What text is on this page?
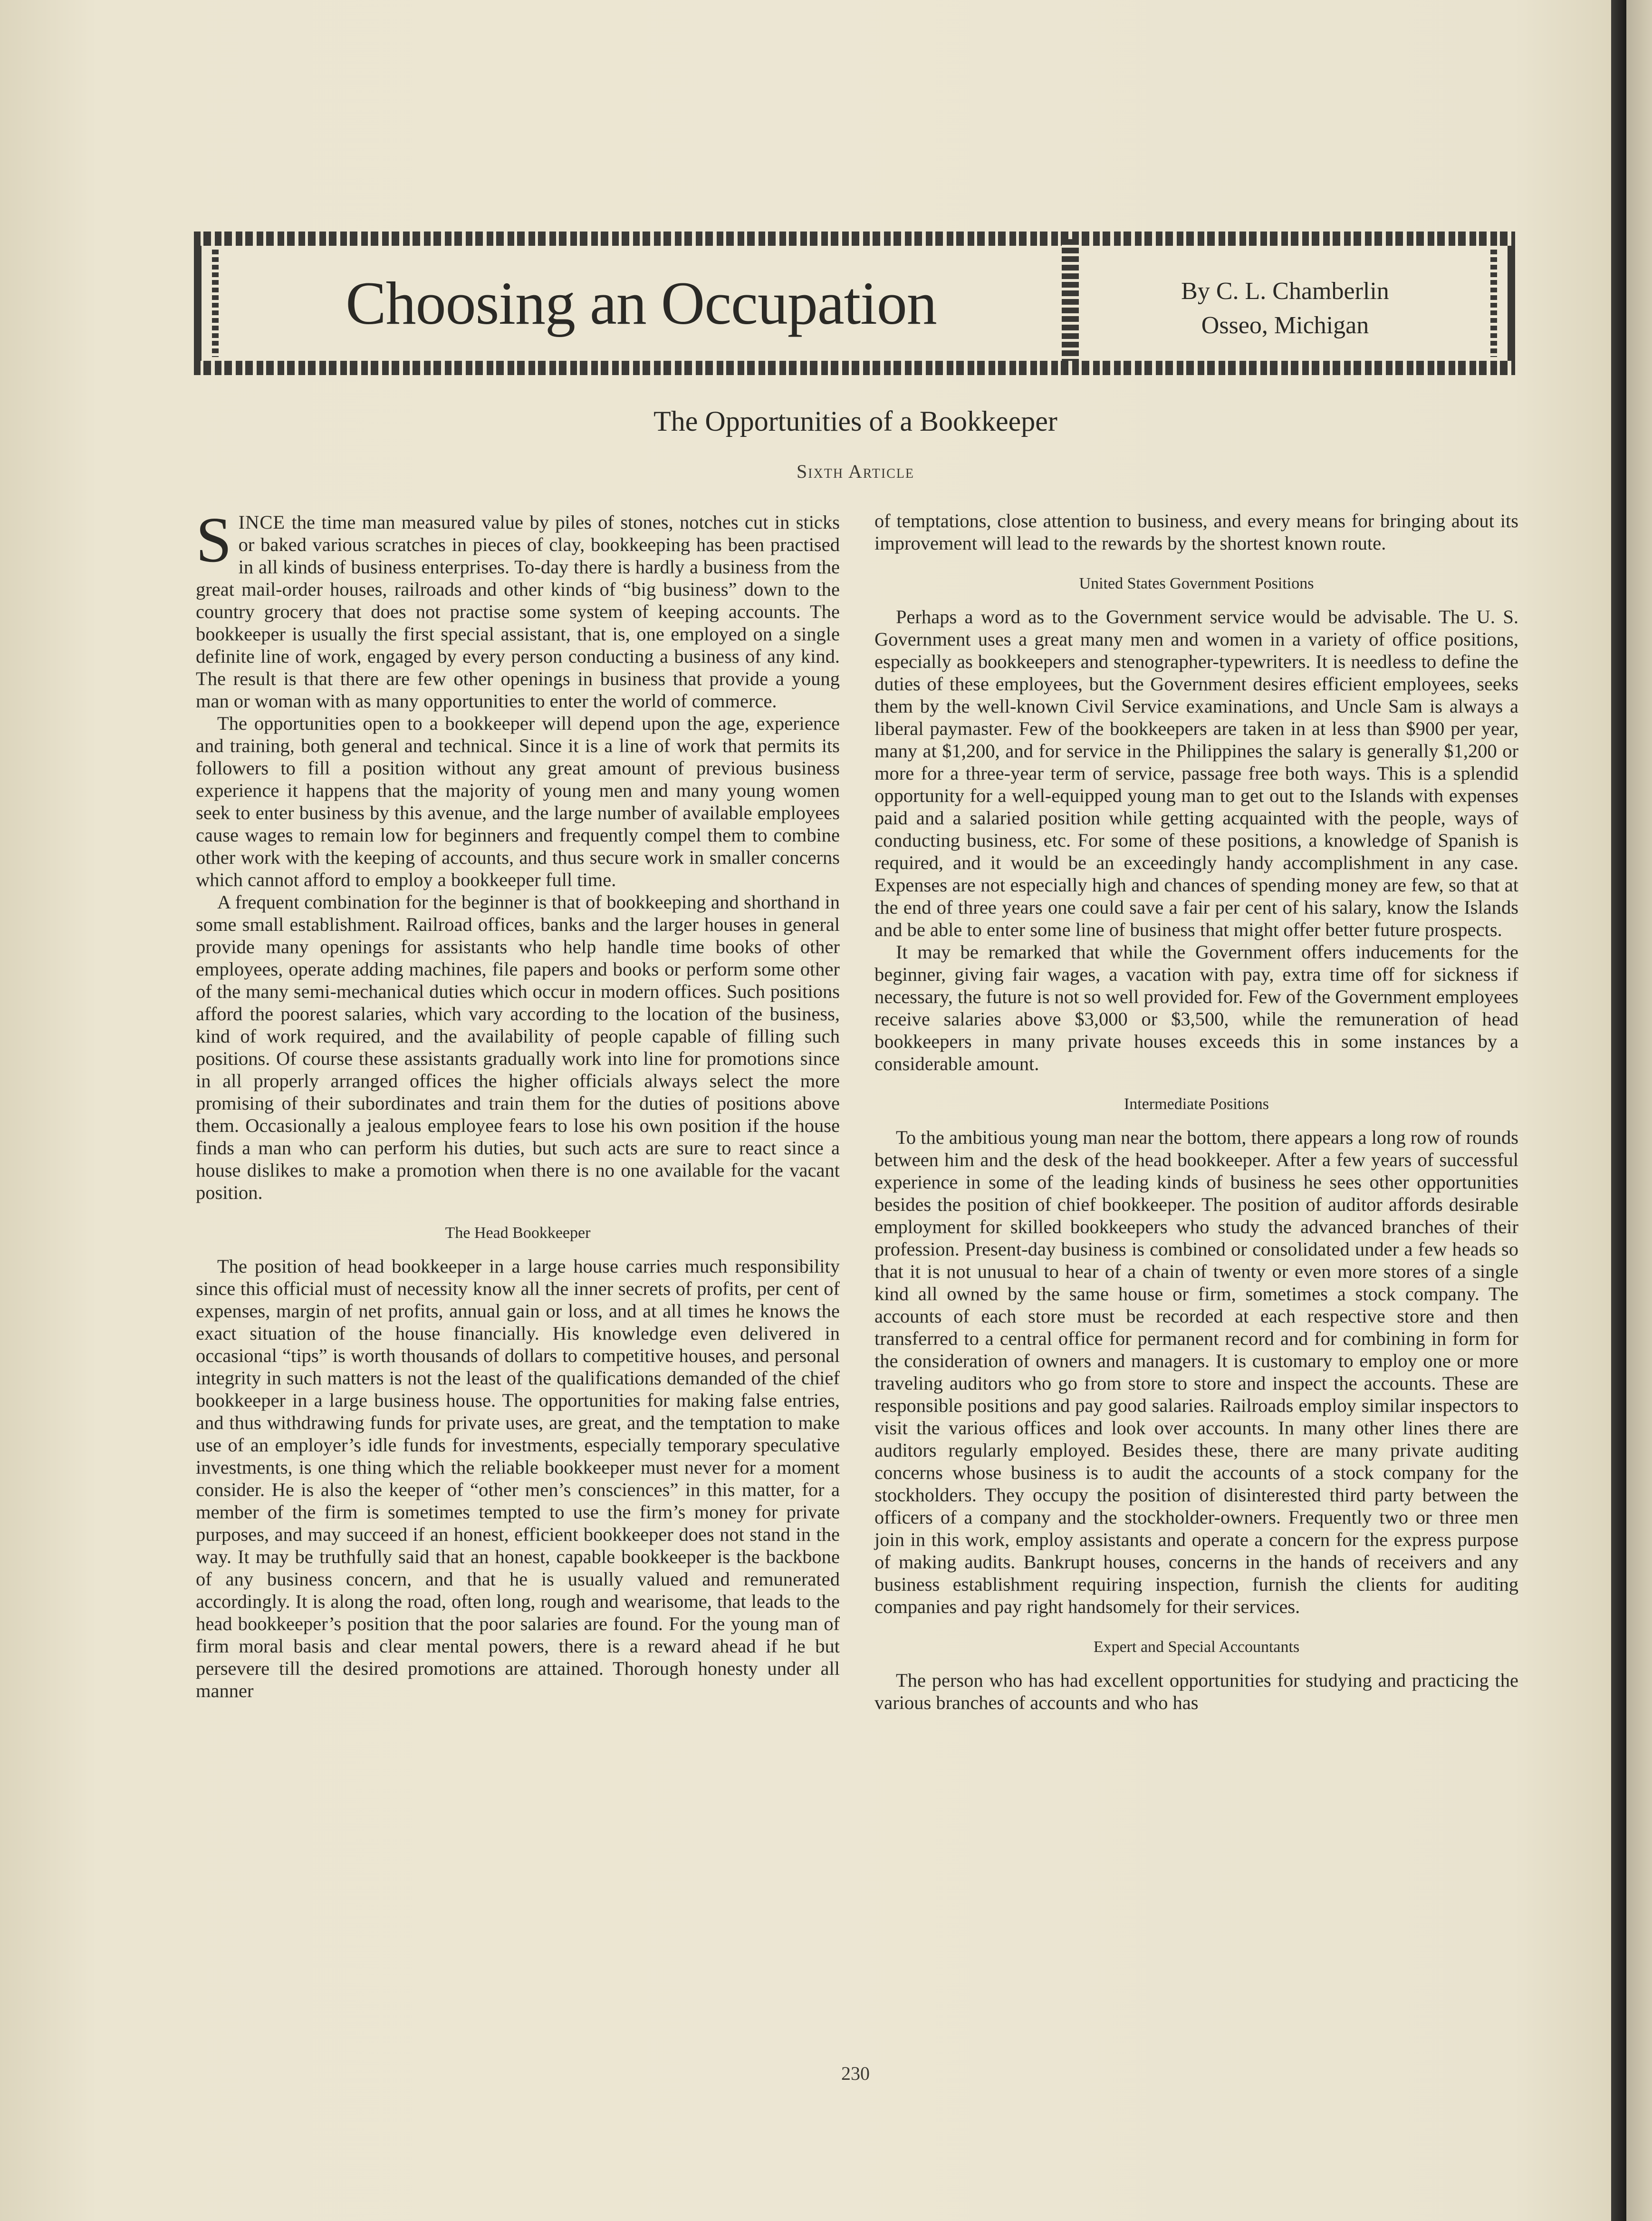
Choosing an Occupation	By C. L. Chamberlin
Osseo, Michigan
The Opportunities of a Bookkeeper
Sixth Article

SINCE the time man measured value by piles of stones, notches cut in sticks or baked various scratches in pieces of clay, bookkeeping has been practised in all kinds of business enterprises. To-day there is hardly a business from the great mail-order houses, railroads and other kinds of “big business” down to the country grocery that does not practise some system of keeping accounts. The bookkeeper is usually the first special assistant, that is, one employed on a single definite line of work, engaged by every person conducting a business of any kind. The result is that there are few other openings in business that provide a young man or woman with as many opportunities to enter the world of commerce.

The opportunities open to a bookkeeper will depend upon the age, experience and training, both general and technical. Since it is a line of work that permits its followers to fill a position without any great amount of previous business experience it happens that the majority of young men and many young women seek to enter business by this avenue, and the large number of available employees cause wages to remain low for beginners and frequently compel them to combine other work with the keeping of accounts, and thus secure work in smaller concerns which cannot afford to employ a bookkeeper full time.

A frequent combination for the beginner is that of bookkeeping and shorthand in some small establishment. Railroad offices, banks and the larger houses in general provide many openings for assistants who help handle time books of other employees, operate adding machines, file papers and books or perform some other of the many semi-mechanical duties which occur in modern offices. Such positions afford the poorest salaries, which vary according to the location of the business, kind of work required, and the availability of people capable of filling such positions. Of course these assistants gradually work into line for promotions since in all properly arranged offices the higher officials always select the more promising of their subordinates and train them for the duties of positions above them. Occasionally a jealous employee fears to lose his own position if the house finds a man who can perform his duties, but such acts are sure to react since a house dislikes to make a promotion when there is no one available for the vacant position.

The Head Bookkeeper

The position of head bookkeeper in a large house carries much responsibility since this official must of necessity know all the inner secrets of profits, per cent of expenses, margin of net profits, annual gain or loss, and at all times he knows the exact situation of the house financially. His knowledge even delivered in occasional “tips” is worth thousands of dollars to competitive houses, and personal integrity in such matters is not the least of the qualifications demanded of the chief bookkeeper in a large business house. The opportunities for making false entries, and thus withdrawing funds for private uses, are great, and the temptation to make use of an employer’s idle funds for investments, especially temporary speculative investments, is one thing which the reliable bookkeeper must never for a moment consider. He is also the keeper of “other men’s consciences” in this matter, for a member of the firm is sometimes tempted to use the firm’s money for private purposes, and may succeed if an honest, efficient bookkeeper does not stand in the way. It may be truthfully said that an honest, capable bookkeeper is the backbone of any business concern, and that he is usually valued and remunerated accordingly. It is along the road, often long, rough and wearisome, that leads to the head bookkeeper’s position that the poor salaries are found. For the young man of firm moral basis and clear mental powers, there is a reward ahead if he but persevere till the desired promotions are attained. Thorough honesty under all manner

of temptations, close attention to business, and every means for bringing about its improvement will lead to the rewards by the shortest known route.

United States Government Positions

Perhaps a word as to the Government service would be advisable. The U. S. Government uses a great many men and women in a variety of office positions, especially as bookkeepers and stenographer-typewriters. It is needless to define the duties of these employees, but the Government desires efficient employees, seeks them by the well-known Civil Service examinations, and Uncle Sam is always a liberal paymaster. Few of the bookkeepers are taken in at less than $900 per year, many at $1,200, and for service in the Philippines the salary is generally $1,200 or more for a three-year term of service, passage free both ways. This is a splendid opportunity for a well-equipped young man to get out to the Islands with expenses paid and a salaried position while getting acquainted with the people, ways of conducting business, etc. For some of these positions, a knowledge of Spanish is required, and it would be an exceedingly handy accomplishment in any case. Expenses are not especially high and chances of spending money are few, so that at the end of three years one could save a fair per cent of his salary, know the Islands and be able to enter some line of business that might offer better future prospects.

It may be remarked that while the Government offers inducements for the beginner, giving fair wages, a vacation with pay, extra time off for sickness if necessary, the future is not so well provided for. Few of the Government employees receive salaries above $3,000 or $3,500, while the remuneration of head bookkeepers in many private houses exceeds this in some instances by a considerable amount.

Intermediate Positions

To the ambitious young man near the bottom, there appears a long row of rounds between him and the desk of the head bookkeeper. After a few years of successful experience in some of the leading kinds of business he sees other opportunities besides the position of chief bookkeeper. The position of auditor affords desirable employment for skilled bookkeepers who study the advanced branches of their profession. Present-day business is combined or consolidated under a few heads so that it is not unusual to hear of a chain of twenty or even more stores of a single kind all owned by the same house or firm, sometimes a stock company. The accounts of each store must be recorded at each respective store and then transferred to a central office for permanent record and for combining in form for the consideration of owners and managers. It is customary to employ one or more traveling auditors who go from store to store and inspect the accounts. These are responsible positions and pay good salaries. Railroads employ similar inspectors to visit the various offices and look over accounts. In many other lines there are auditors regularly employed. Besides these, there are many private auditing concerns whose business is to audit the accounts of a stock company for the stockholders. They occupy the position of disinterested third party between the officers of a company and the stockholder-owners. Frequently two or three men join in this work, employ assistants and operate a concern for the express purpose of making audits. Bankrupt houses, concerns in the hands of receivers and any business establishment requiring inspection, furnish the clients for auditing companies and pay right handsomely for their services.

Expert and Special Accountants

The person who has had excellent opportunities for studying and practicing the various branches of accounts and who has

230
